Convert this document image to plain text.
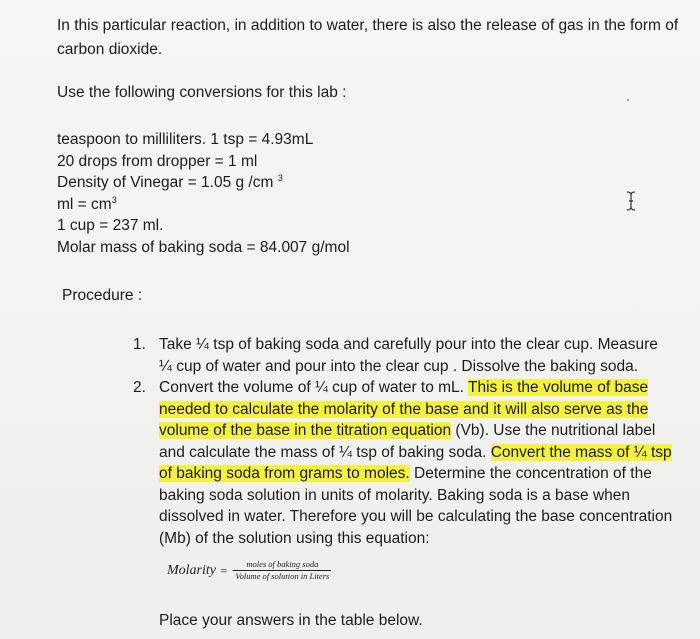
In this particular reaction, in addition to water, there is also the release of gas in the form of carbon dioxide.
Use the following conversions for this lab :
teaspoon to milliliters. 1 tsp = 4.93mL
20 drops from dropper = 1 ml
Density of Vinegar = 1.05 g /cm $^3$
ml = $cm^3$
1 cup = 237 ml.
Molar mass of baking soda = 84.007 g/mol
Procedure :
1. Take ¼ tsp of baking soda and carefully pour into the clear cup. Measure ¼ cup of water and pour into the clear cup . Dissolve the baking soda.
2. Convert the volume of ¼ cup of water to mL. This is the volume of base needed to calculate the molarity of the base and it will also serve as the volume of the base in the titration equation (Vb). Use the nutritional label and calculate the mass of ¼ tsp of baking soda. Convert the mass of ¼ tsp of baking soda from grams to moles. Determine the concentration of the baking soda solution in units of molarity. Baking soda is a base when dissolved in water. Therefore you will be calculating the base concentration (Mb) of the solution using this equation:
Molarity = $\frac{\text{moles of baking soda}}{\text{Volume of solution in Liters}}$
Place your answers in the table below.
